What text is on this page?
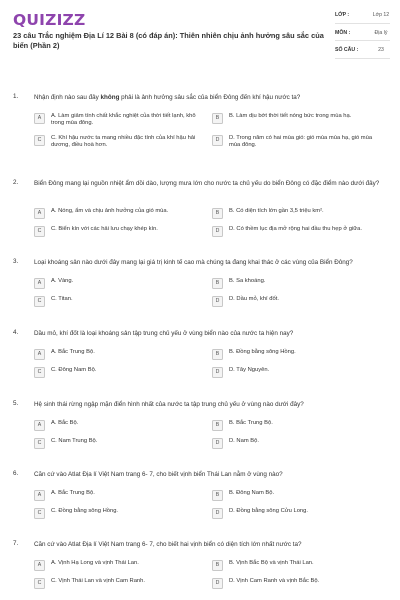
QUIZIZZ
23 câu Trắc nghiệm Địa Lí 12 Bài 8 (có đáp án): Thiên nhiên chịu ảnh hưởng sâu sắc của biển (Phần 2)
LỚP :	Lớp 12
MÔN :	Địa lý
SỐ CÂU :	23
1. Nhận định nào sau đây không phải là ảnh hưởng sâu sắc của biển Đông đến khí hậu nước ta?
A	A. Làm giảm tính chất khắc nghiệt của thời tiết lạnh, khô trong mùa đông.
B	B. Làm dịu bớt thời tiết nóng bức trong mùa hạ.
C	C. Khí hậu nước ta mang nhiều đặc tính của khí hậu hải dương, điều hoà hơn.
D	D. Trong năm có hai mùa gió: gió mùa mùa hạ, gió mùa mùa đông.
2. Biển Đông mang lại nguồn nhiệt ẩm dồi dào, lượng mưa lớn cho nước ta chủ yếu do biển Đông có đặc điểm nào dưới đây?
A	A. Nóng, ẩm và chịu ảnh hưởng của gió mùa.	B	B. Có diện tích lớn gần 3,5 triệu km².
C	C. Biển kín với các hải lưu chạy khép kín.	D	D. Có thềm lục địa mở rộng hai đầu thu hẹp ở giữa.
3. Loại khoáng sản nào dưới đây mang lại giá trị kinh tế cao mà chúng ta đang khai thác ở các vùng của Biển Đông?
A	A. Vàng.	B	B. Sa khoáng.
C	C. Titan.	D	D. Dầu mỏ, khí đốt.
4. Dầu mỏ, khí đốt là loại khoáng sản tập trung chủ yếu ở vùng biển nào của nước ta hiện nay?
A	A. Bắc Trung Bộ.	B	B. Đồng bằng sông Hồng.
C	C. Đông Nam Bộ.	D	D. Tây Nguyên.
5. Hệ sinh thái rừng ngập mặn điển hình nhất của nước ta tập trung chủ yếu ở vùng nào dưới đây?
A	A. Bắc Bộ.	B	B. Bắc Trung Bộ.
C	C. Nam Trung Bộ.	D	D. Nam Bộ.
6. Căn cứ vào Atlat Địa lí Việt Nam trang 6- 7, cho biết vịnh biển Thái Lan nằm ở vùng nào?
A	A. Bắc Trung Bộ.	B	B. Đông Nam Bộ.
C	C. Đồng bằng sông Hồng.	D	D. Đồng bằng sông Cửu Long.
7. Căn cứ vào Atlat Địa lí Việt Nam trang 6- 7, cho biết hai vịnh biển có diện tích lớn nhất nước ta?
A	A. Vịnh Hạ Long và vịnh Thái Lan.	B	B. Vịnh Bắc Bộ và vịnh Thái Lan.
C	C. Vịnh Thái Lan và vịnh Cam Ranh.	D	D. Vịnh Cam Ranh và vịnh Bắc Bộ.
